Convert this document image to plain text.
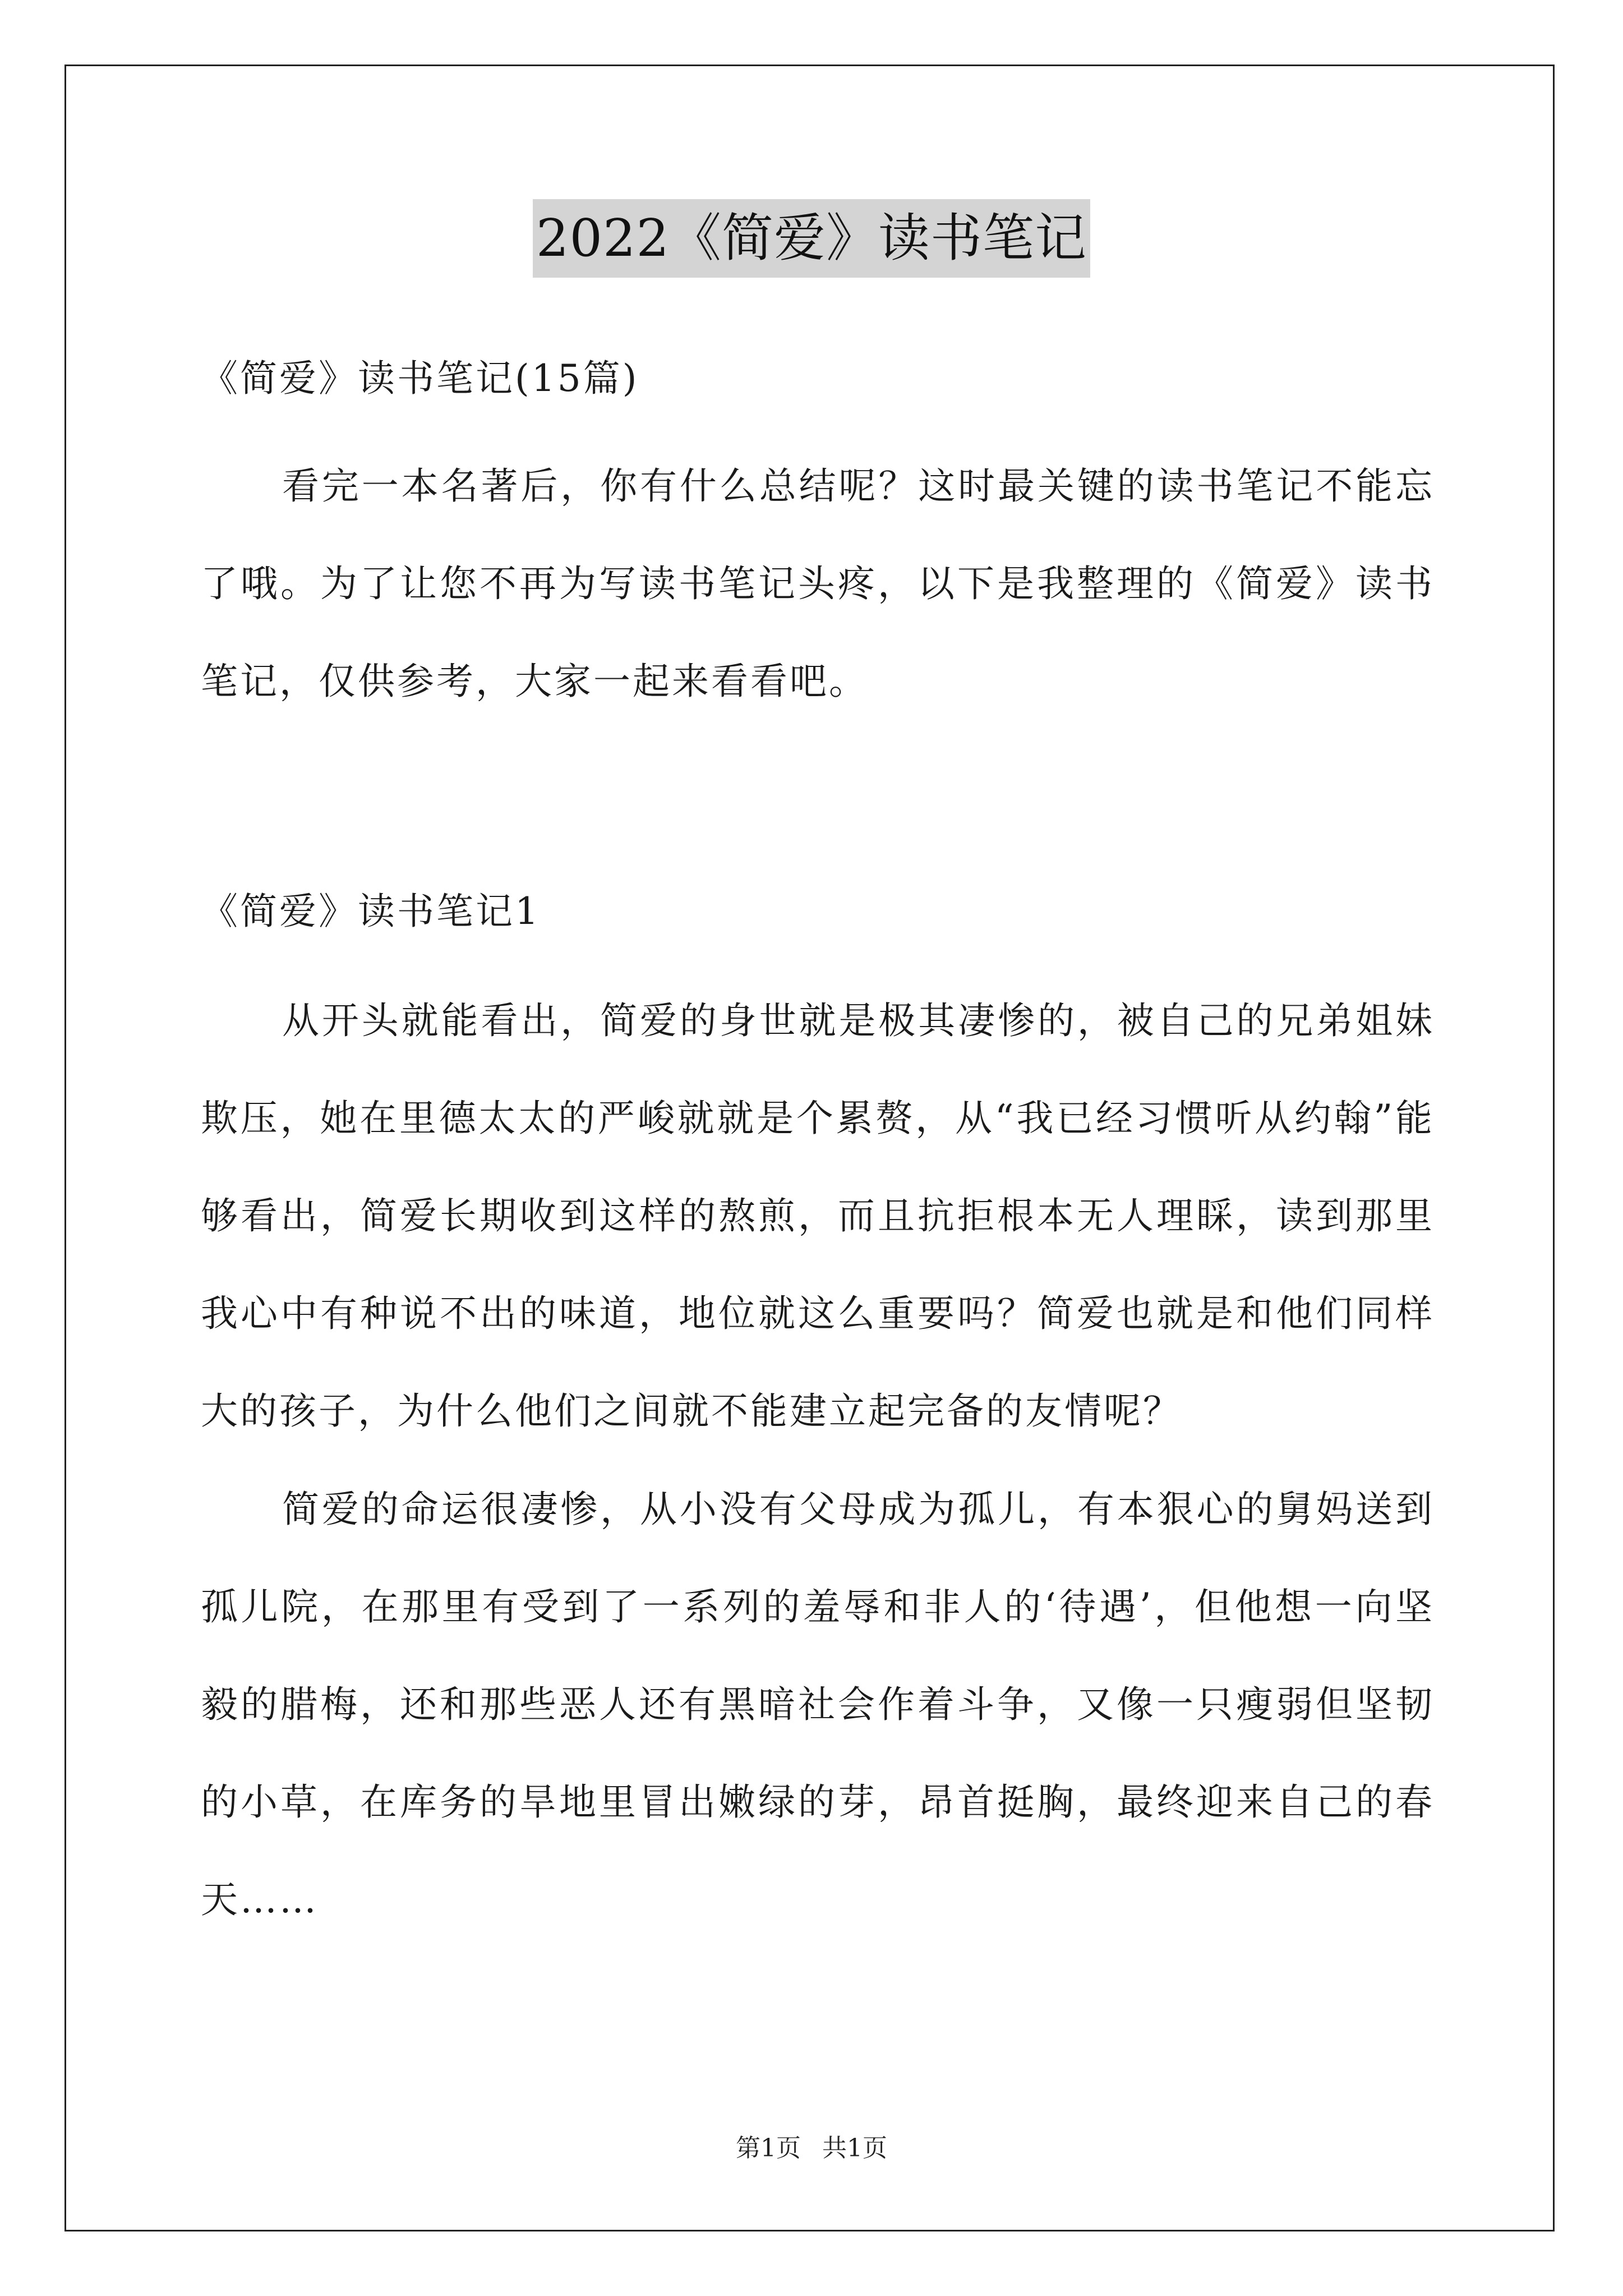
2022《简爱》读书笔记

《简爱》读书笔记(15篇)

看完一本名著后，你有什么总结呢？这时最关键的读书笔记不能忘了哦。为了让您不再为写读书笔记头疼，以下是我整理的《简爱》读书笔记，仅供参考，大家一起来看看吧。

《简爱》读书笔记1

从开头就能看出，简爱的身世就是极其凄惨的，被自己的兄弟姐妹欺压，她在里德太太的严峻就就是个累赘，从“我已经习惯听从约翰”能够看出，简爱长期收到这样的熬煎，而且抗拒根本无人理睬，读到那里我心中有种说不出的味道，地位就这么重要吗？简爱也就是和他们同样大的孩子，为什么他们之间就不能建立起完备的友情呢？

简爱的命运很凄惨，从小没有父母成为孤儿，有本狠心的舅妈送到孤儿院，在那里有受到了一系列的羞辱和非人的‘待遇’，但他想一向坚毅的腊梅，还和那些恶人还有黑暗社会作着斗争，又像一只瘦弱但坚韧的小草，在库务的旱地里冒出嫩绿的芽，昂首挺胸，最终迎来自己的春天……

第1页 共1页
